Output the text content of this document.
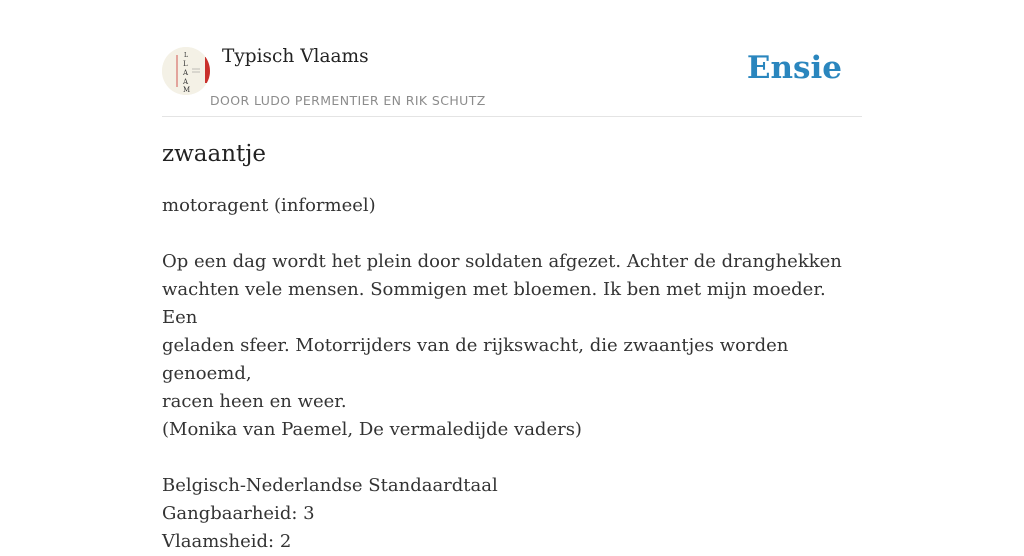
L
L
A
A
M
Typisch Vlaams
DOOR LUDO PERMENTIER EN RIK SCHUTZ
Ensie
zwaantje

motoragent (informeel)

Op een dag wordt het plein door soldaten afgezet. Achter de dranghekken

wachten vele mensen. Sommigen met bloemen. Ik ben met mijn moeder. Een

geladen sfeer. Motorrijders van de rijkswacht, die zwaantjes worden genoemd,

racen heen en weer.

(Monika van Paemel, De vermaledijde vaders)

Belgisch-Nederlandse Standaardtaal

Gangbaarheid: 3

Vlaamsheid: 2
